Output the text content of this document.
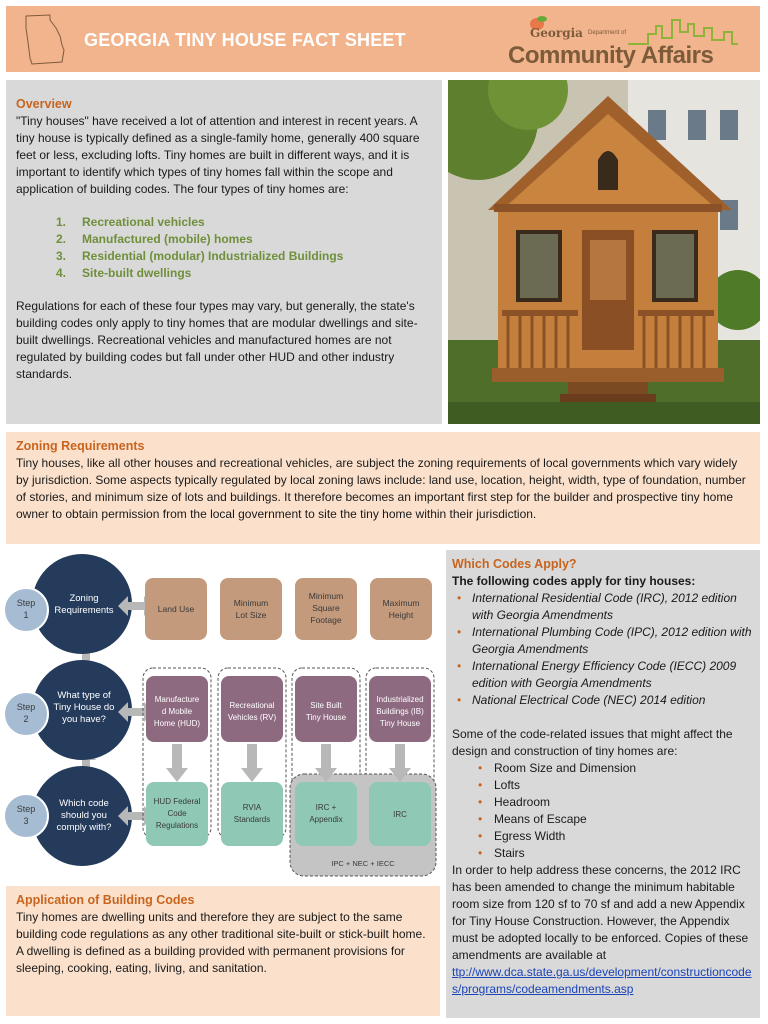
GEORGIA TINY HOUSE FACT SHEET	Georgia Department of
Community Affairs
Overview

"Tiny houses" have received a lot of attention and interest in recent years. A tiny house is typically defined as a single-family home, generally 400 square feet or less, excluding lofts. Tiny homes are built in different ways, and it is important to identify which types of tiny homes fall within the scope and application of building codes. The four types of tiny homes are:

1. Recreational vehicles
2. Manufactured (mobile) homes
3. Residential (modular) Industrialized Buildings
4. Site-built dwellings

Regulations for each of these four types may vary, but generally, the state's building codes only apply to tiny homes that are modular dwellings and site-built dwellings. Recreational vehicles and manufactured homes are not regulated by building codes but fall under other HUD and other industry standards.

Zoning Requirements

Tiny houses, like all other houses and recreational vehicles, are subject the zoning requirements of local governments which vary widely by jurisdiction. Some aspects typically regulated by local zoning laws include: land use, location, height, width, type of foundation, number of stories, and minimum size of lots and buildings. It therefore becomes an important first step for the builder and prospective tiny home owner to obtain permission from the local government to site the tiny home within their jurisdiction.

Step
1
Zoning
Requirements
Step
2
What type of
Tiny House do
you have?
Step
3
Which code
should you
comply with?
Land Use
Minimum
Lot Size
Minimum
Square
Footage
Maximum
Height
IPC + NEC + IECC
Manufacture
d Mobile
Home (HUD)
Recreational
Vehicles (RV)
Site Built
Tiny House
Industrialized
Buildings (IB)
Tiny House
HUD Federal
Code
Regulations
RVIA
Standards
IRC +
Appendix
IRC
Which Codes Apply?

The following codes apply for tiny houses:

• International Residential Code (IRC), 2012 edition with Georgia Amendments
• International Plumbing Code (IPC), 2012 edition with Georgia Amendments
• International Energy Efficiency Code (IECC) 2009 edition with Georgia Amendments
• National Electrical Code (NEC) 2014 edition

Some of the code-related issues that might affect the design and construction of tiny homes are:

• Room Size and Dimension
• Lofts
• Headroom
• Means of Escape
• Egress Width
• Stairs

In order to help address these concerns, the 2012 IRC has been amended to change the minimum habitable room size from 120 sf to 70 sf and add a new Appendix for Tiny House Construction. However, the Appendix must be adopted locally to be enforced. Copies of these amendments are available at

ttp://www.dca.state.ga.us/development/constructioncodes/programs/codeamendments.asp
Application of Building Codes

Tiny homes are dwelling units and therefore they are subject to the same building code regulations as any other traditional site-built or stick-built home. A dwelling is defined as a building provided with permanent provisions for sleeping, cooking, eating, living, and sanitation.
